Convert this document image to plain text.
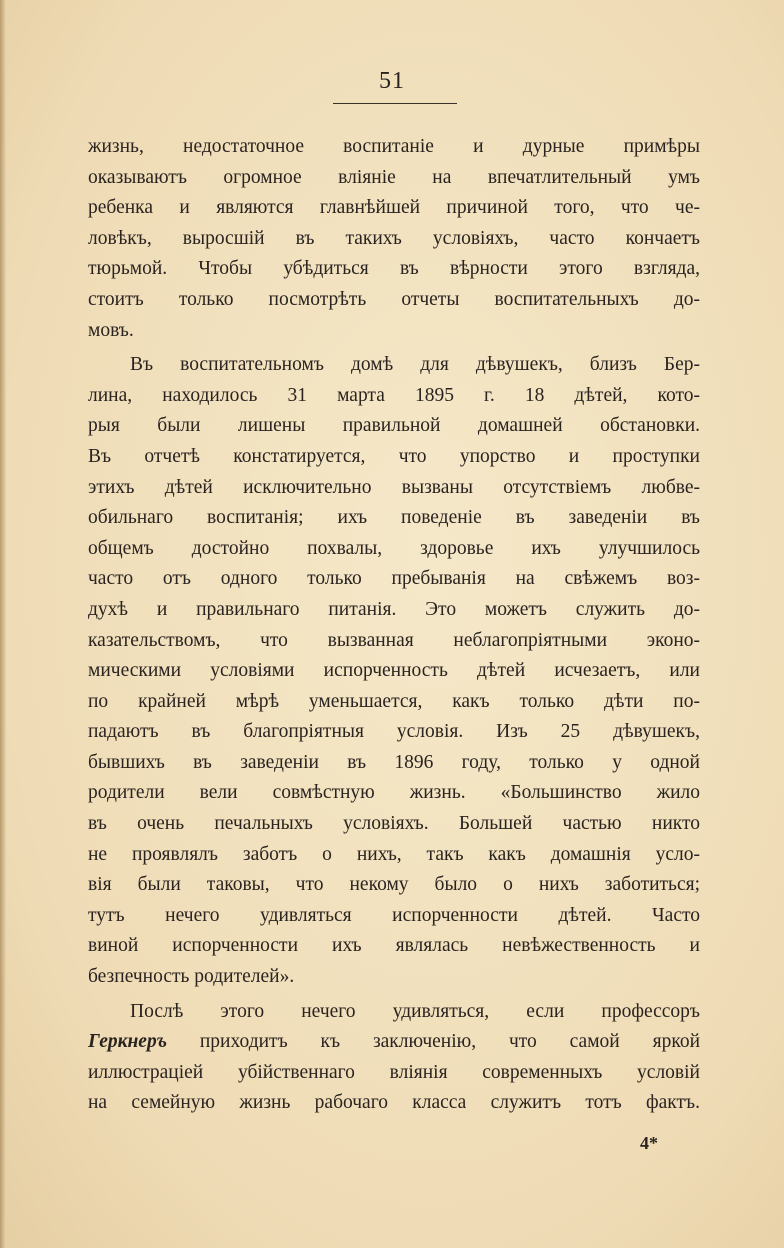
51
жизнь, недостаточное воспитаніе и дурные примѣры
оказываютъ огромное вліяніе на впечатлительный умъ
ребенка и являются главнѣйшей причиной того, что че-
ловѣкъ, выросшій въ такихъ условіяхъ, часто кончаетъ
тюрьмой. Чтобы убѣдиться въ вѣрности этого взгляда,
стоитъ только посмотрѣть отчеты воспитательныхъ до-
мовъ.
Въ воспитательномъ домѣ для дѣвушекъ, близъ Бер-
лина, находилось 31 марта 1895 г. 18 дѣтей, кото-
рыя были лишены правильной домашней обстановки.
Въ отчетѣ констатируется, что упорство и проступки
этихъ дѣтей исключительно вызваны отсутствіемъ любве-
обильнаго воспитанія; ихъ поведеніе въ заведеніи въ
общемъ достойно похвалы, здоровье ихъ улучшилось
часто отъ одного только пребыванія на свѣжемъ воз-
духѣ и правильнаго питанія. Это можетъ служить до-
казательствомъ, что вызванная неблагопріятными эконо-
мическими условіями испорченность дѣтей исчезаетъ, или
по крайней мѣрѣ уменьшается, какъ только дѣти по-
падаютъ въ благопріятныя условія. Изъ 25 дѣвушекъ,
бывшихъ въ заведеніи въ 1896 году, только у одной
родители вели совмѣстную жизнь. «Большинство жило
въ очень печальныхъ условіяхъ. Большей частью никто
не проявлялъ заботъ о нихъ, такъ какъ домашнія усло-
вія были таковы, что некому было о нихъ заботиться;
тутъ нечего удивляться испорченности дѣтей. Часто
виной испорченности ихъ являлась невѣжественность и
безпечность родителей».
Послѣ этого нечего удивляться, если профессоръ
Геркнеръ приходитъ къ заключенію, что самой яркой
иллюстраціей убійственнаго вліянія современныхъ условій
на семейную жизнь рабочаго класса служитъ тотъ фактъ.
4*
